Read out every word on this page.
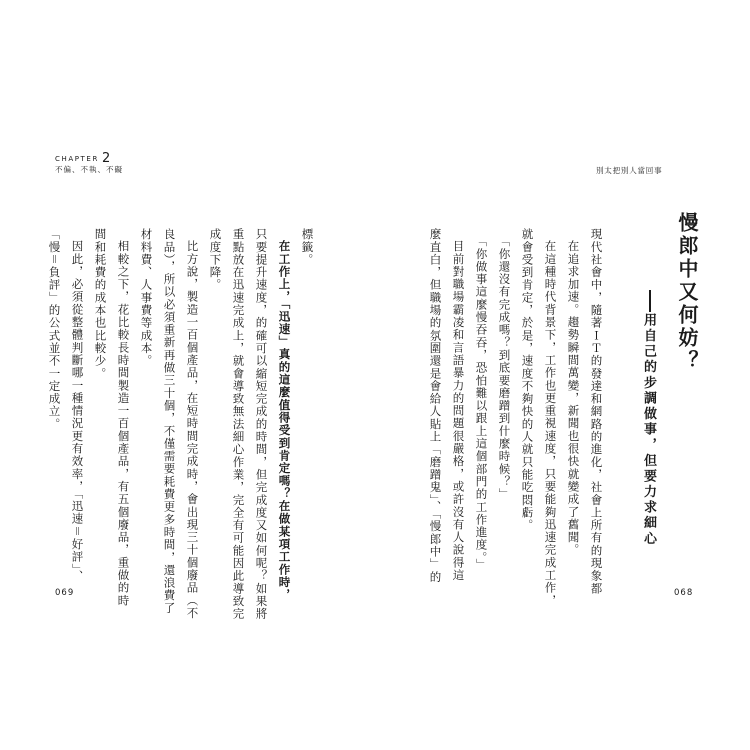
CHAPTER 2
不偏、不執、不礙	別太把別人當回事
慢郎中又何妨？
用自己的步調做事，但要力求細心
現代社會中，隨著ＩＴ的發達和網路的進化，社會上所有的現象都
在追求加速。趨勢瞬間萬變，新聞也很快就變成了舊聞。
在這種時代背景下，工作也更重視速度，只要能夠迅速完成工作，
就會受到肯定，於是，速度不夠快的人就只能吃悶虧。
「你還沒有完成嗎？到底要磨蹭到什麼時候？」
「你做事這麼慢吞吞，恐怕難以跟上這個部門的工作進度。」
目前對職場霸凌和言語暴力的問題很嚴格，或許沒有人說得這
麼直白，但職場的氛圍還是會給人貼上「磨蹭鬼」、「慢郎中」的
標籤。
在工作上，「迅速」真的這麼值得受到肯定嗎？在做某項工作時，
只要提升速度，的確可以縮短完成的時間，但完成度又如何呢？如果將
重點放在迅速完成上，就會導致無法細心作業，完全有可能因此導致完
成度下降。
比方說，製造一百個產品，在短時間完成時，會出現三十個廢品（不
良品），所以必須重新再做三十個，不僅需要耗費更多時間，還浪費了
材料費、人事費等成本。
相較之下，花比較長時間製造一百個產品，有五個廢品，重做的時
間和耗費的成本也比較少。
因此，必須從整體判斷哪一種情況更有效率，「迅速＝好評」、
「慢＝負評」的公式並不一定成立。
069	068
